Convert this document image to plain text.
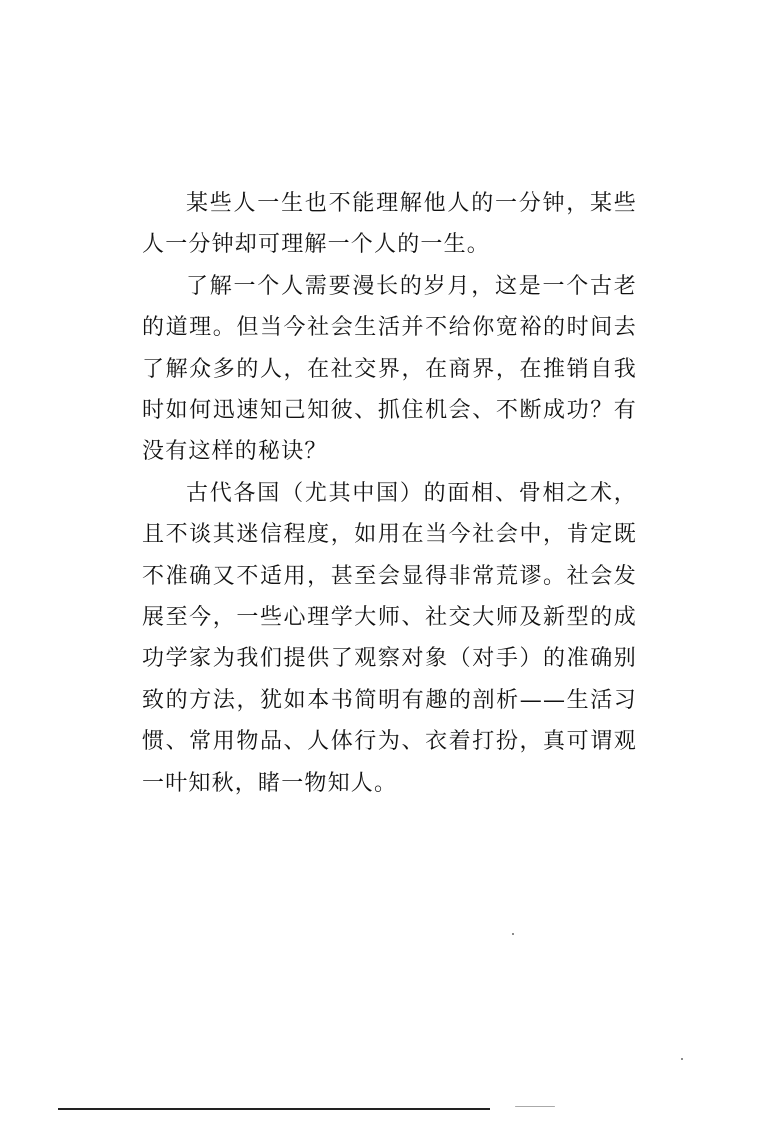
某些人一生也不能理解他人的一分钟，某些人一分钟却可理解一个人的一生。

了解一个人需要漫长的岁月，这是一个古老的道理。但当今社会生活并不给你宽裕的时间去了解众多的人，在社交界，在商界，在推销自我时如何迅速知己知彼、抓住机会、不断成功？有没有这样的秘诀？

古代各国（尤其中国）的面相、骨相之术，且不谈其迷信程度，如用在当今社会中，肯定既不准确又不适用，甚至会显得非常荒谬。社会发展至今，一些心理学大师、社交大师及新型的成功学家为我们提供了观察对象（对手）的准确别致的方法，犹如本书简明有趣的剖析——生活习惯、常用物品、人体行为、衣着打扮，真可谓观一叶知秋，睹一物知人。
